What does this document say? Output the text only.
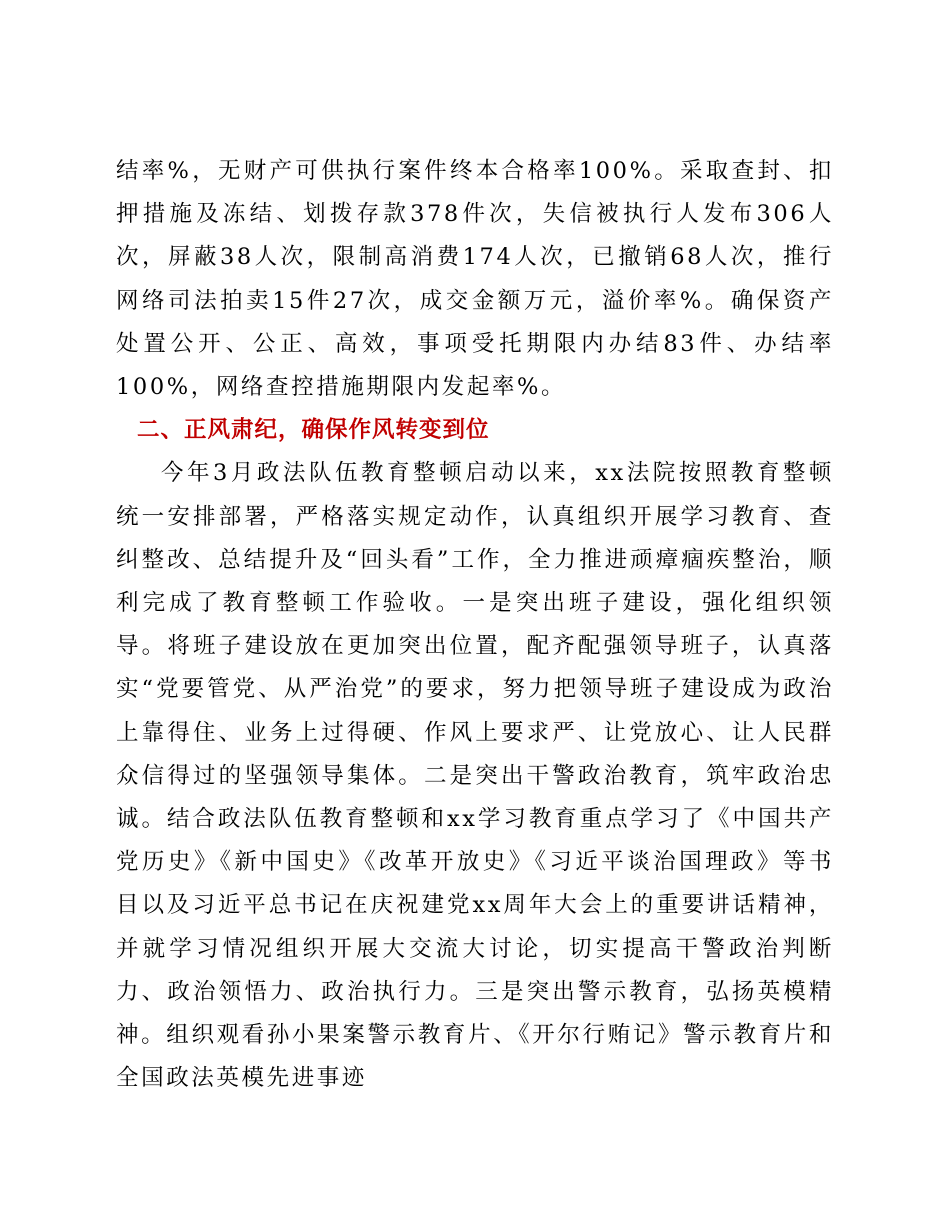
结率%，无财产可供执行案件终本合格率100%。采取查封、扣押措施及冻结、划拨存款378件次，失信被执行人发布306人次，屏蔽38人次，限制高消费174人次，已撤销68人次，推行网络司法拍卖15件27次，成交金额万元，溢价率%。确保资产处置公开、公正、高效，事项受托期限内办结83件、办结率100%，网络查控措施期限内发起率%。

二、正风肃纪，确保作风转变到位

今年3月政法队伍教育整顿启动以来，xx法院按照教育整顿统一安排部署，严格落实规定动作，认真组织开展学习教育、查纠整改、总结提升及“回头看”工作，全力推进顽瘴痼疾整治，顺利完成了教育整顿工作验收。一是突出班子建设，强化组织领导。将班子建设放在更加突出位置，配齐配强领导班子，认真落实“党要管党、从严治党”的要求，努力把领导班子建设成为政治上靠得住、业务上过得硬、作风上要求严、让党放心、让人民群众信得过的坚强领导集体。二是突出干警政治教育，筑牢政治忠诚。结合政法队伍教育整顿和xx学习教育重点学习了《中国共产党历史》《新中国史》《改革开放史》《习近平谈治国理政》等书目以及习近平总书记在庆祝建党xx周年大会上的重要讲话精神，并就学习情况组织开展大交流大讨论，切实提高干警政治判断力、政治领悟力、政治执行力。三是突出警示教育，弘扬英模精神。组织观看孙小果案警示教育片、《开尔行贿记》警示教育片和全国政法英模先进事迹
